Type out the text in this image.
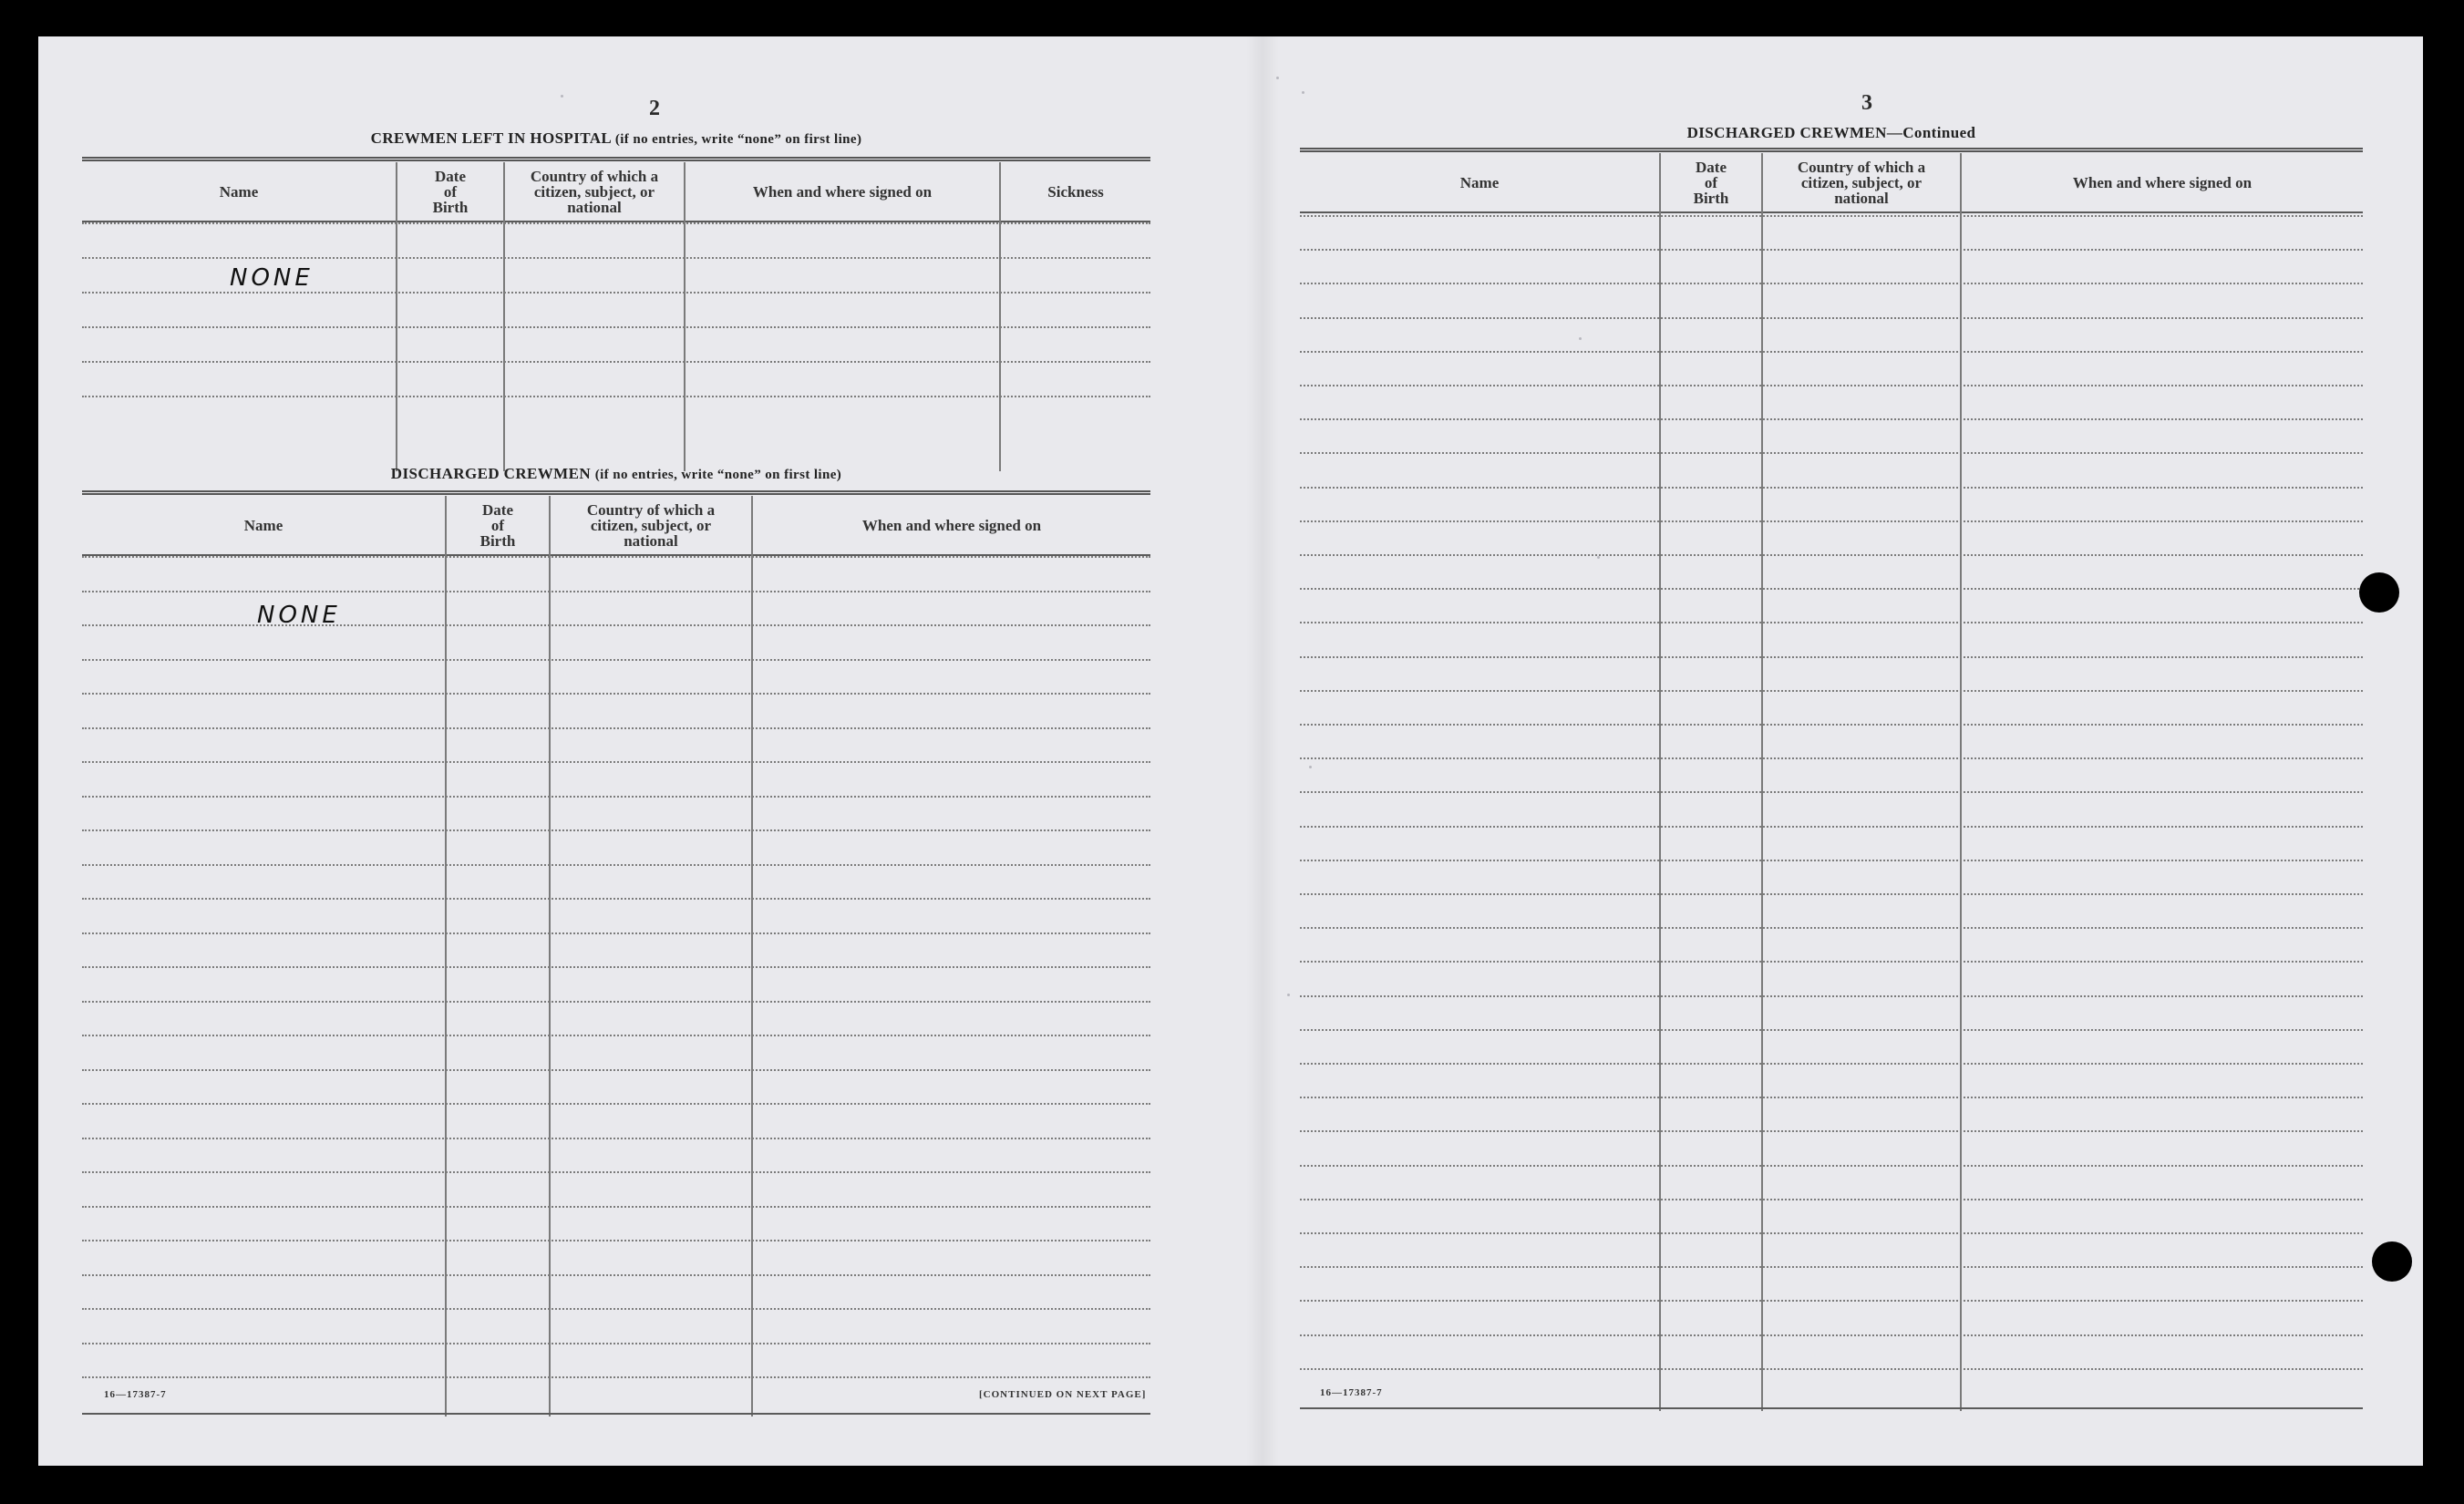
2
CREWMEN LEFT IN HOSPITAL (if no entries, write “none” on first line)
Name
Date
of
Birth
Country of which a
citizen, subject, or
national
When and where signed on	Sickness
NONE
DISCHARGED CREWMEN (if no entries, write “none” on first line)
Name
Date
of
Birth
Country of which a
citizen, subject, or
national
When and where signed on
NONE
16—17387-7	[CONTINUED ON NEXT PAGE]
3
DISCHARGED CREWMEN—Continued
Name
Date
of
Birth
Country of which a
citizen, subject, or
national
When and where signed on
16—17387-7
